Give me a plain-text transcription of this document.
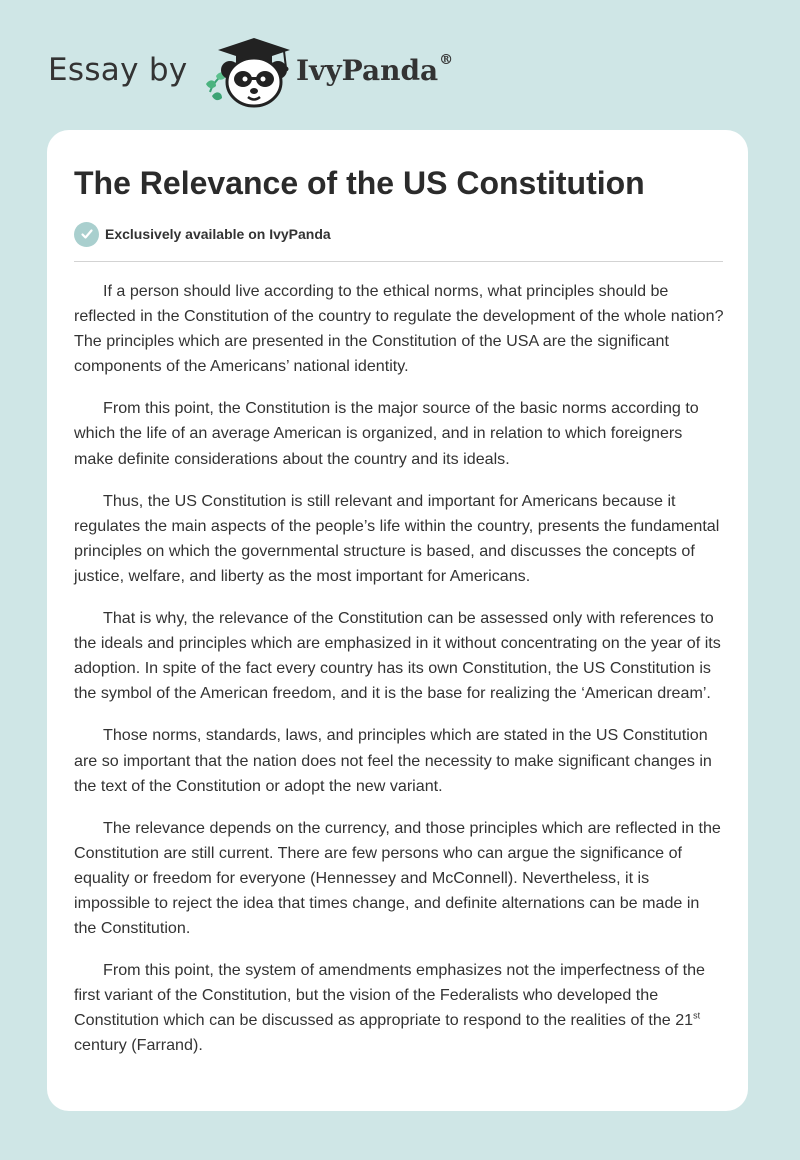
Essay by	IvyPanda®
The Relevance of the US Constitution
Exclusively available on IvyPanda

If a person should live according to the ethical norms, what principles should be reflected in the Constitution of the country to regulate the development of the whole nation? The principles which are presented in the Constitution of the USA are the significant components of the Americans’ national identity.

From this point, the Constitution is the major source of the basic norms according to which the life of an average American is organized, and in relation to which foreigners make definite considerations about the country and its ideals.

Thus, the US Constitution is still relevant and important for Americans because it regulates the main aspects of the people’s life within the country, presents the fundamental principles on which the governmental structure is based, and discusses the concepts of justice, welfare, and liberty as the most important for Americans.

That is why, the relevance of the Constitution can be assessed only with references to the ideals and principles which are emphasized in it without concentrating on the year of its adoption. In spite of the fact every country has its own Constitution, the US Constitution is the symbol of the American freedom, and it is the base for realizing the ‘American dream’.

Those norms, standards, laws, and principles which are stated in the US Constitution are so important that the nation does not feel the necessity to make significant changes in the text of the Constitution or adopt the new variant.

The relevance depends on the currency, and those principles which are reflected in the Constitution are still current. There are few persons who can argue the significance of equality or freedom for everyone (Hennessey and McConnell). Nevertheless, it is impossible to reject the idea that times change, and definite alternations can be made in the Constitution.

From this point, the system of amendments emphasizes not the imperfectness of the first variant of the Constitution, but the vision of the Federalists who developed the Constitution which can be discussed as appropriate to respond to the realities of the 21st century (Farrand).
